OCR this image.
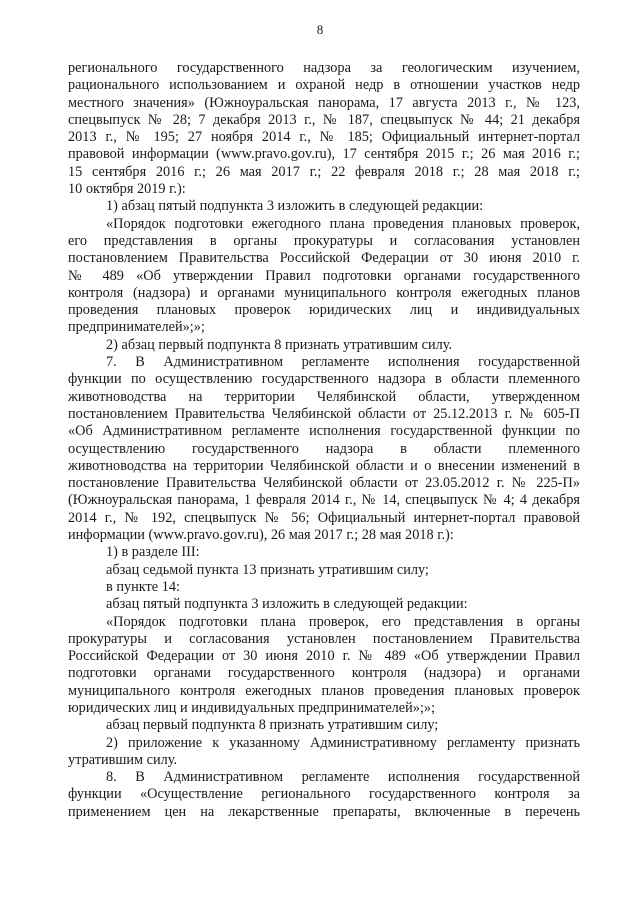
8
регионального государственного надзора за геологическим изучением,
рационального использованием и охраной недр в отношении участков недр
местного значения» (Южноуральская панорама, 17 августа 2013 г., № 123,
спецвыпуск № 28; 7 декабря 2013 г., № 187, спецвыпуск № 44; 21 декабря
2013 г., № 195; 27 ноября 2014 г., № 185; Официальный интернет-портал
правовой информации (www.pravo.gov.ru), 17 сентября 2015 г.; 26 мая 2016 г.;
15 сентября 2016 г.; 26 мая 2017 г.; 22 февраля 2018 г.; 28 мая 2018 г.;
10 октября 2019 г.):
1) абзац пятый подпункта 3 изложить в следующей редакции:
«Порядок подготовки ежегодного плана проведения плановых проверок,
его представления в органы прокуратуры и согласования установлен
постановлением Правительства Российской Федерации от 30 июня 2010 г.
№ 489 «Об утверждении Правил подготовки органами государственного
контроля (надзора) и органами муниципального контроля ежегодных планов
проведения плановых проверок юридических лиц и индивидуальных
предпринимателей»;»;
2) абзац первый подпункта 8 признать утратившим силу.
7. В Административном регламенте исполнения государственной
функции по осуществлению государственного надзора в области племенного
животноводства на территории Челябинской области, утвержденном
постановлением Правительства Челябинской области от 25.12.2013 г. № 605-П
«Об Административном регламенте исполнения государственной функции по
осуществлению государственного надзора в области племенного
животноводства на территории Челябинской области и о внесении изменений в
постановление Правительства Челябинской области от 23.05.2012 г. № 225-П»
(Южноуральская панорама, 1 февраля 2014 г., № 14, спецвыпуск № 4; 4 декабря
2014 г., № 192, спецвыпуск № 56; Официальный интернет-портал правовой
информации (www.pravo.gov.ru), 26 мая 2017 г.; 28 мая 2018 г.):
1) в разделе III:
абзац седьмой пункта 13 признать утратившим силу;
в пункте 14:
абзац пятый подпункта 3 изложить в следующей редакции:
«Порядок подготовки плана проверок, его представления в органы
прокуратуры и согласования установлен постановлением Правительства
Российской Федерации от 30 июня 2010 г. № 489 «Об утверждении Правил
подготовки органами государственного контроля (надзора) и органами
муниципального контроля ежегодных планов проведения плановых проверок
юридических лиц и индивидуальных предпринимателей»;»;
абзац первый подпункта 8 признать утратившим силу;
2) приложение к указанному Административному регламенту признать
утратившим силу.
8. В Административном регламенте исполнения государственной
функции «Осуществление регионального государственного контроля за
применением цен на лекарственные препараты, включенные в перечень
